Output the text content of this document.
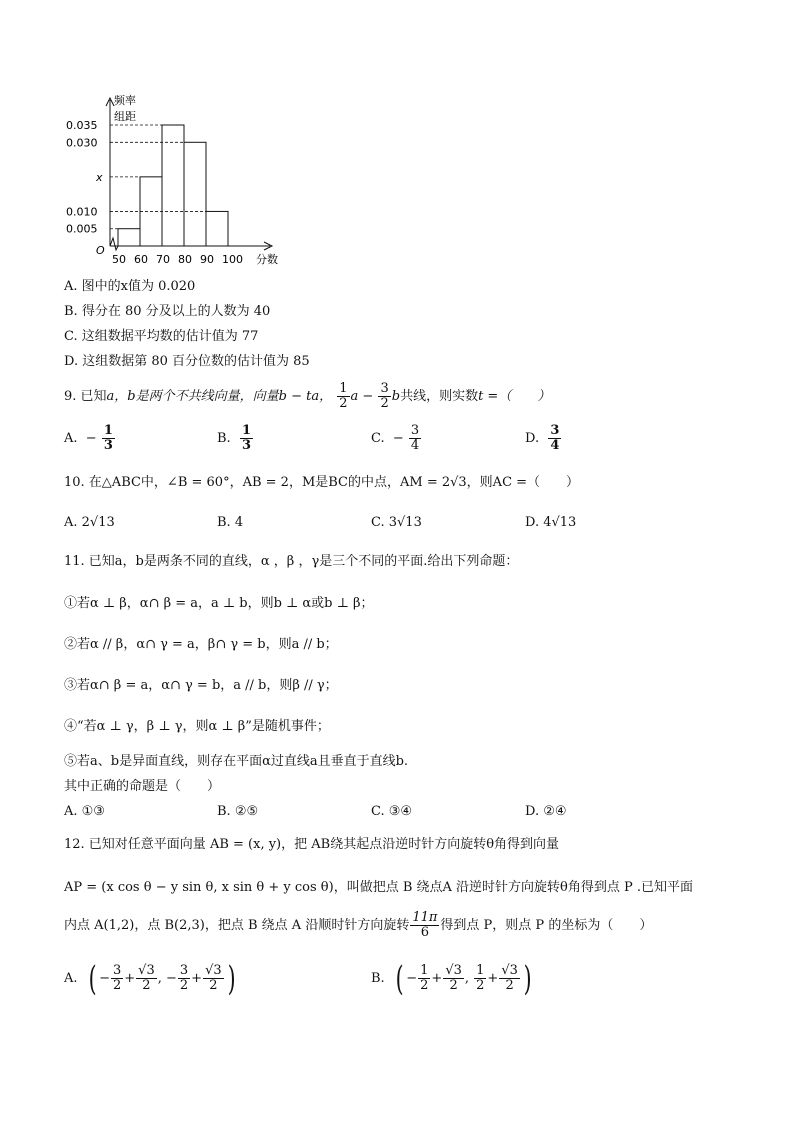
频率
组距
O
分数
0.035
0.030
x
0.010
0.005
50 60 70 80 90 100
A. 图中的x值为 0.020
B. 得分在 80 分及以上的人数为 40
C. 这组数据平均数的估计值为 77
D. 这组数据第 80 百分位数的估计值为 85
9. 已知a，b是两个不共线向量，向量b − ta， $\frac{1}{2}$ $a - \frac{3}{2}$ b共线，则实数t =（　　）
A.  − $\frac{1}{3}$	B. $\frac{1}{3}$	C.  − $\frac{3}{4}$	D. $\frac{3}{4}$
10. 在△ABC中，∠B = 60°，AB = 2，M是BC的中点，AM = 2√3，则AC =（　　）
A. 2√13	B. 4	C. 3√13	D. 4√13
11. 已知a，b是两条不同的直线，α ，β ，γ是三个不同的平面.给出下列命题：
①若α ⊥ β，α∩ β = a，a ⊥ b，则b ⊥ α或b ⊥ β；
②若α // β，α∩ γ = a，β∩ γ = b，则a // b；
③若α∩ β = a，α∩ γ = b，a // b，则β // γ；
④“若α ⊥ γ，β ⊥ γ，则α ⊥ β”是随机事件；
⑤若a、b是异面直线，则存在平面α过直线a且垂直于直线b.
其中正确的命题是（　　）
A. ①③	B. ②⑤	C. ③④	D. ②④
12. 已知对任意平面向量 AB = (x, y)，把 AB绕其起点沿逆时针方向旋转θ角得到向量
AP = (x cos θ − y sin θ, x sin θ + y cos θ)，叫做把点 B 绕点A 沿逆时针方向旋转θ角得到点 P .已知平面
内点 A(1,2)，点 B(2,3)，把点 B 绕点 A 沿顺时针方向旋转 $\frac{11\pi}{6}$ 得到点 P，则点 P 的坐标为（　　）
A. ( − $\frac{3}{2} + \frac{√3}{2}$ , − $\frac{3}{2} + \frac{√3}{2}$ )	B. ( − $\frac{1}{2} + \frac{√3}{2}$ , $\frac{1}{2} + \frac{√3}{2}$ )
